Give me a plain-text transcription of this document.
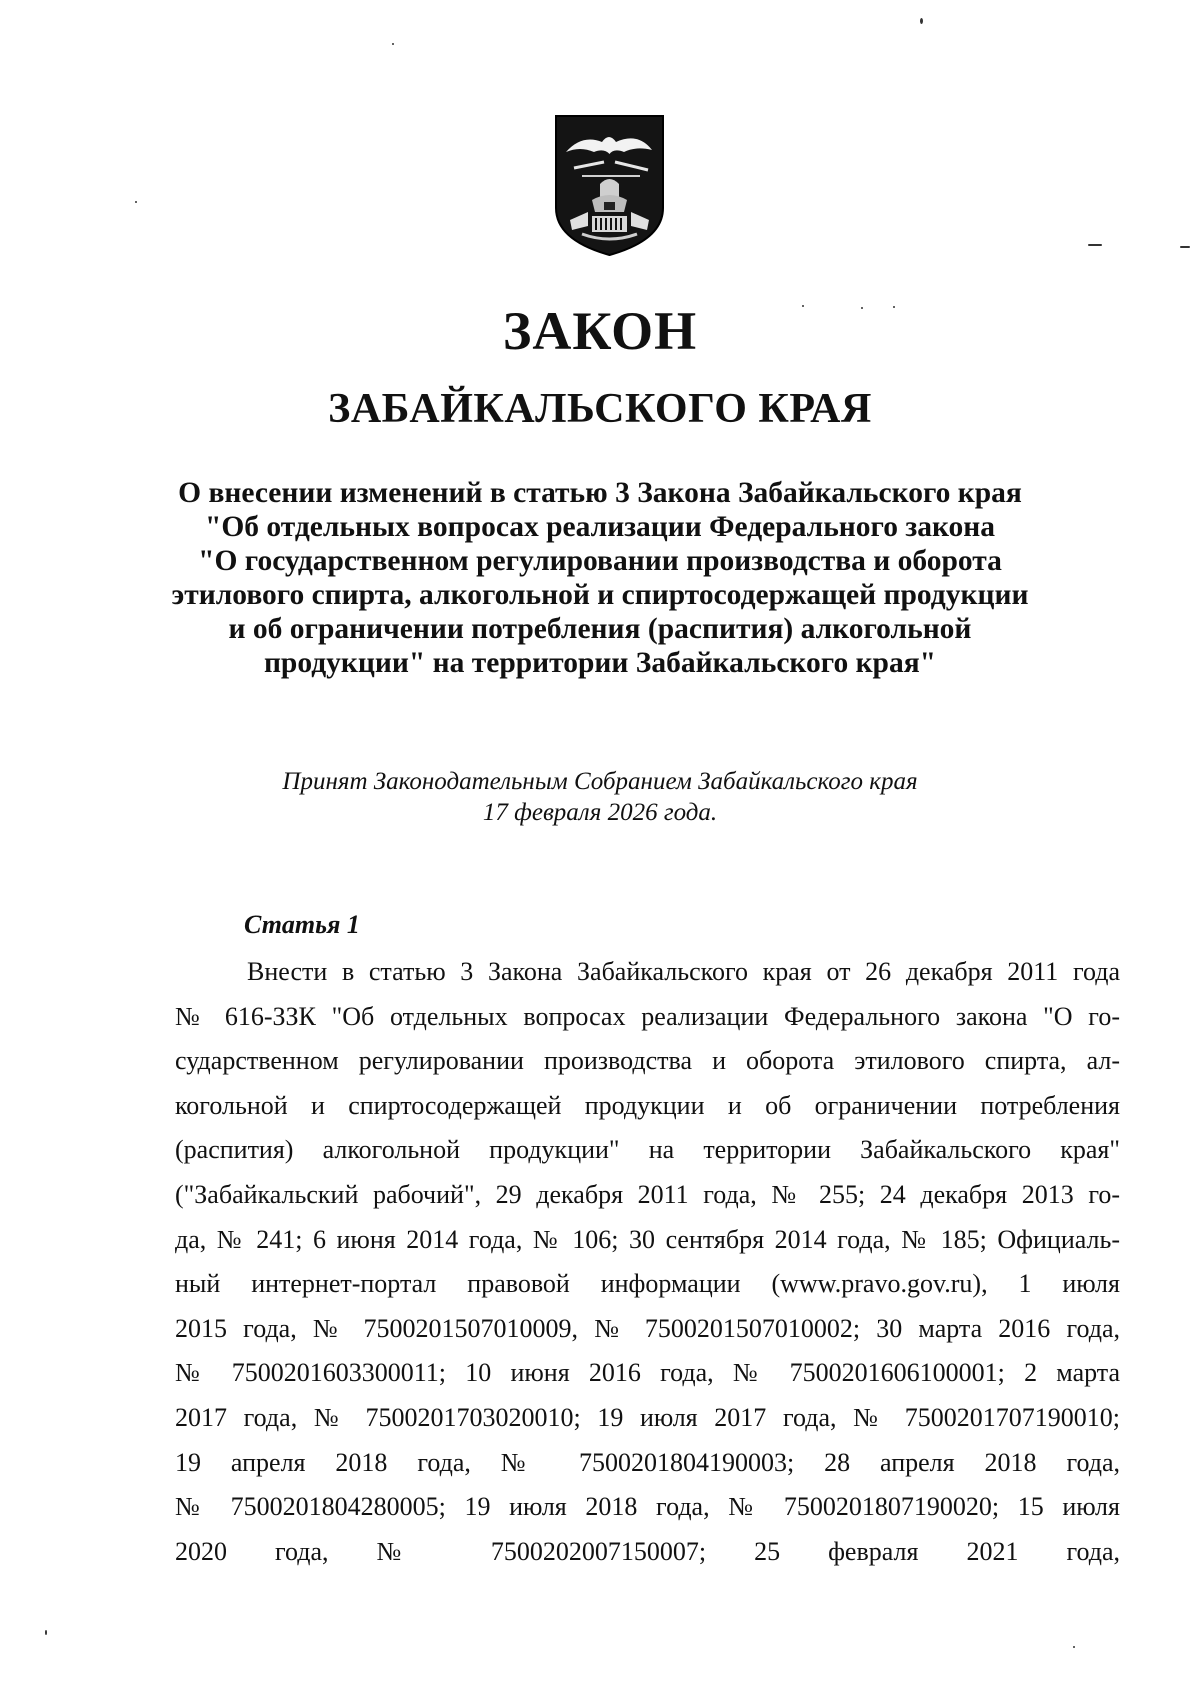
ЗАКОН
ЗАБАЙКАЛЬСКОГО КРАЯ

О внесении изменений в статью 3 Закона Забайкальского края
"Об отдельных вопросах реализации Федерального закона
"О государственном регулировании производства и оборота
этилового спирта, алкогольной и спиртосодержащей продукции
и об ограничении потребления (распития) алкогольной
продукции" на территории Забайкальского края"

Принят Законодательным Собранием Забайкальского края
17 февраля 2026 года.

Статья 1

Внести в статью 3 Закона Забайкальского края от 26 декабря 2011 года
№ 616-ЗЗК "Об отдельных вопросах реализации Федерального закона "О го-
сударственном регулировании производства и оборота этилового спирта, ал-
когольной и спиртосодержащей продукции и об ограничении потребления
(распития) алкогольной продукции" на территории Забайкальского края"
("Забайкальский рабочий", 29 декабря 2011 года, № 255; 24 декабря 2013 го-
да, № 241; 6 июня 2014 года, № 106; 30 сентября 2014 года, № 185; Официаль-
ный интернет-портал правовой информации (www.pravo.gov.ru), 1 июля
2015 года, № 7500201507010009, № 7500201507010002; 30 марта 2016 года,
№ 7500201603300011; 10 июня 2016 года, № 7500201606100001; 2 марта
2017 года, № 7500201703020010; 19 июля 2017 года, № 7500201707190010;
19 апреля 2018 года, № 7500201804190003; 28 апреля 2018 года,
№ 7500201804280005; 19 июля 2018 года, № 7500201807190020; 15 июля
2020 года, № 7500202007150007; 25 февраля 2021 года,
